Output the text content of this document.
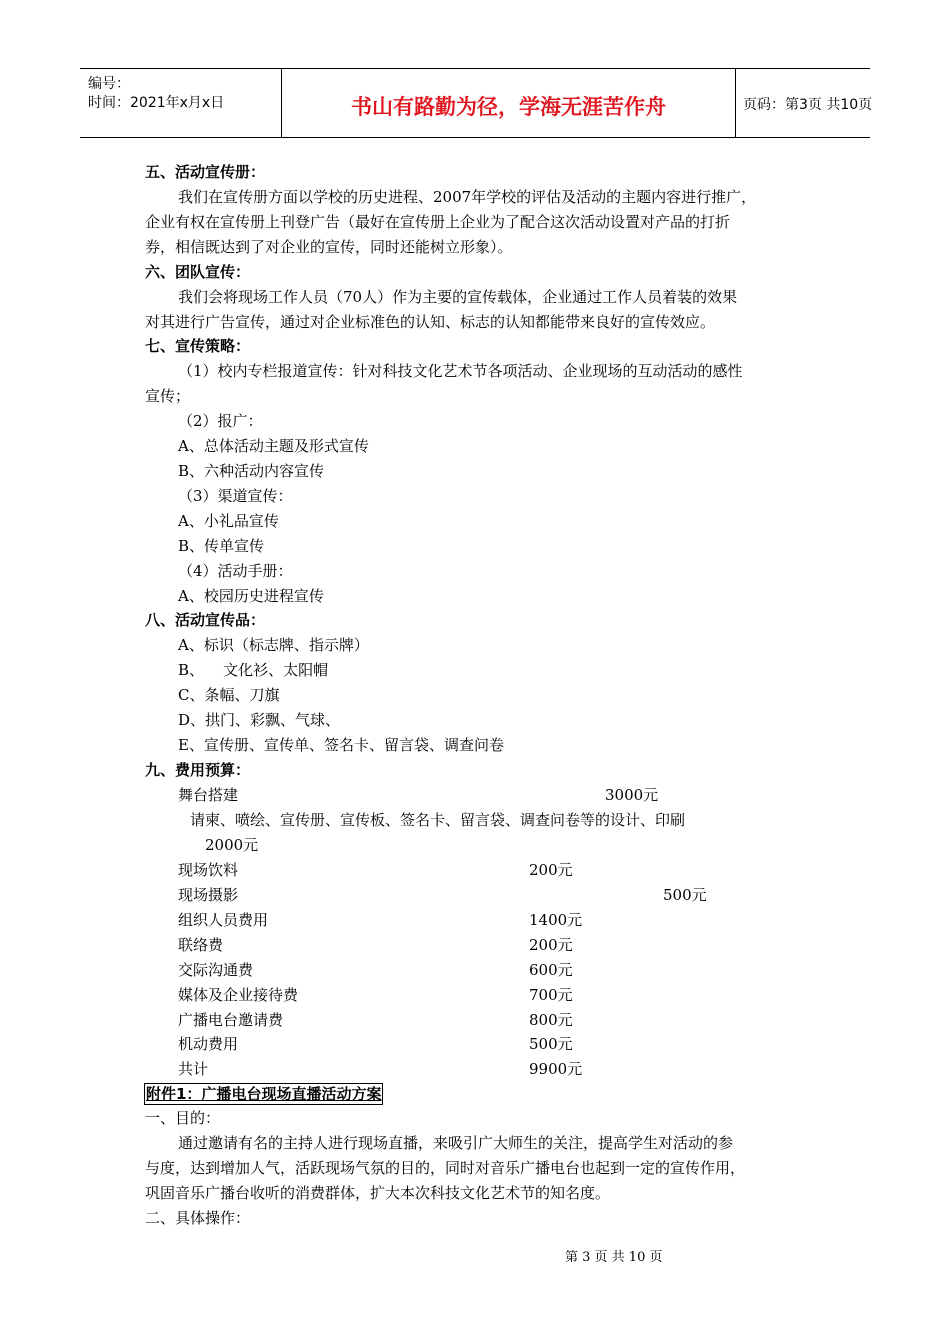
编号：
时间：2021年x月x日	书山有路勤为径，学海无涯苦作舟	页码：第3页 共10页
五、活动宣传册：
我们在宣传册方面以学校的历史进程、2007年学校的评估及活动的主题内容进行推广，
企业有权在宣传册上刊登广告（最好在宣传册上企业为了配合这次活动设置对产品的打折
券，相信既达到了对企业的宣传，同时还能树立形象）。
六、团队宣传：
我们会将现场工作人员（70人）作为主要的宣传载体，企业通过工作人员着装的效果
对其进行广告宣传，通过对企业标准色的认知、标志的认知都能带来良好的宣传效应。
七、宣传策略：
（1）校内专栏报道宣传：针对科技文化艺术节各项活动、企业现场的互动活动的感性
宣传；
（2）报广：
A、总体活动主题及形式宣传
B、六种活动内容宣传
（3）渠道宣传：
A、小礼品宣传
B、传单宣传
（4）活动手册：
A、校园历史进程宣传
八、活动宣传品：
A、标识（标志牌、指示牌）
B、    文化衫、太阳帽
C、条幅、刀旗
D、拱门、彩飘、气球、
E、宣传册、宣传单、签名卡、留言袋、调查问卷
九、费用预算：
舞台搭建	3000元
请柬、喷绘、宣传册、宣传板、签名卡、留言袋、调查问卷等的设计、印刷
2000元
现场饮料	200元
现场摄影	500元
组织人员费用	1400元
联络费	200元
交际沟通费	600元
媒体及企业接待费	700元
广播电台邀请费	800元
机动费用	500元
共计	9900元
附件1：广播电台现场直播活动方案
一、目的：
通过邀请有名的主持人进行现场直播，来吸引广大师生的关注，提高学生对活动的参
与度，达到增加人气，活跃现场气氛的目的，同时对音乐广播电台也起到一定的宣传作用，
巩固音乐广播台收听的消费群体，扩大本次科技文化艺术节的知名度。
二、具体操作：
第 3 页 共 10 页
